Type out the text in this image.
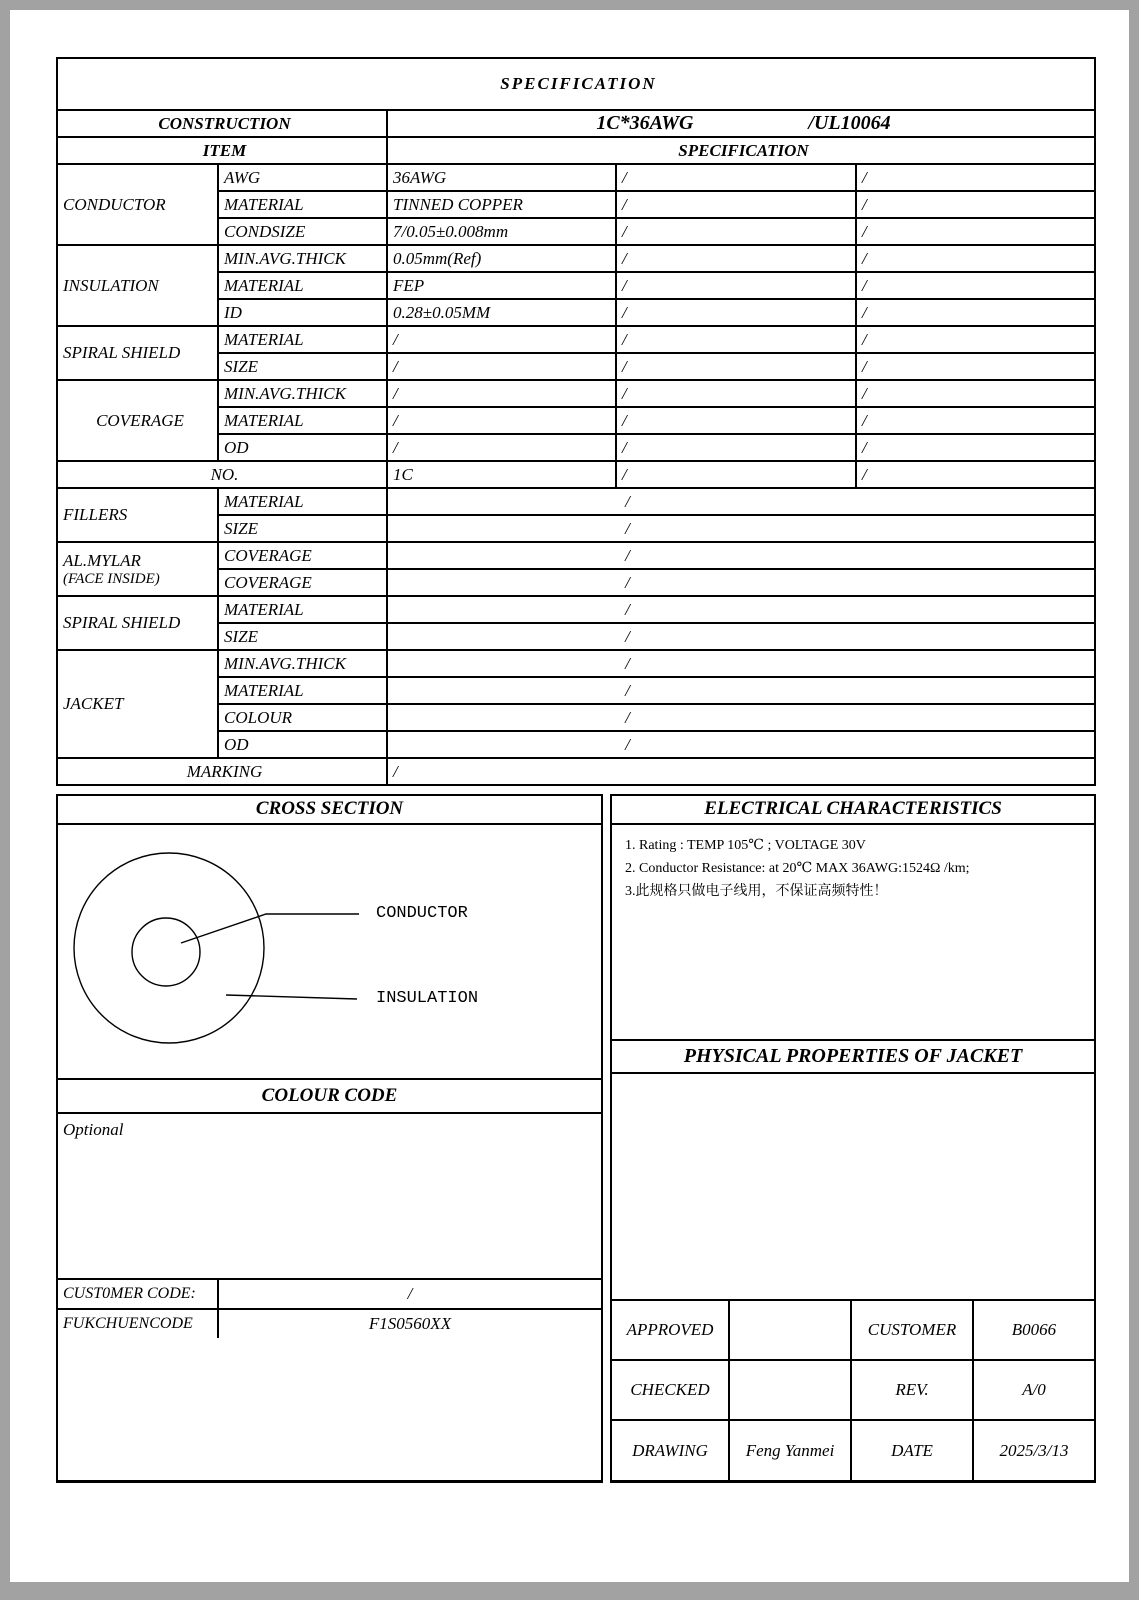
SPECIFICATION				
CONSTRUCTION		1C*36AWG /UL10064		

ITEM		SPECIFICATION		
CONDUCTOR	AWG	36AWG	/	/
	MATERIAL	TINNED COPPER	/	/
	CONDSIZE	7/0.05±0.008mm	/	/
INSULATION	MIN.AVG.THICK	0.05mm(Ref)	/	/
	MATERIAL	FEP	/	/
	ID	0.28±0.05MM	/	/
SPIRAL SHIELD	MATERIAL	/	/	/
	SIZE	/	/	/
COVERAGE	MIN.AVG.THICK	/	/	/
	MATERIAL	/	/	/
	OD	/	/	/
NO.		1C	/	/

FILLERS	MATERIAL	/		

	SIZE	/		

AL.MYLAR
(FACE INSIDE)	COVERAGE	/		

	COVERAGE	/		

SPIRAL SHIELD	MATERIAL	/		

	SIZE	/		

JACKET	MIN.AVG.THICK	/		

	MATERIAL	/		

	COLOUR	/		

	OD	/		

MARKING		/		
CROSS SECTION
CONDUCTOR
INSULATION
COLOUR CODE
Optional
CUST0MER CODE:	/
FUKCHUENCODE	F1S0560XX
ELECTRICAL CHARACTERISTICS
1. Rating : TEMP 105℃ ; VOLTAGE 30V
2. Conductor Resistance: at 20℃ MAX 36AWG:1524Ω /km;
3.此规格只做电子线用，不保证高频特性！
PHYSICAL PROPERTIES OF JACKET
APPROVED		CUSTOMER	B0066
CHECKED		REV.	A/0
DRAWING	Feng Yanmei	DATE	2025/3/13
